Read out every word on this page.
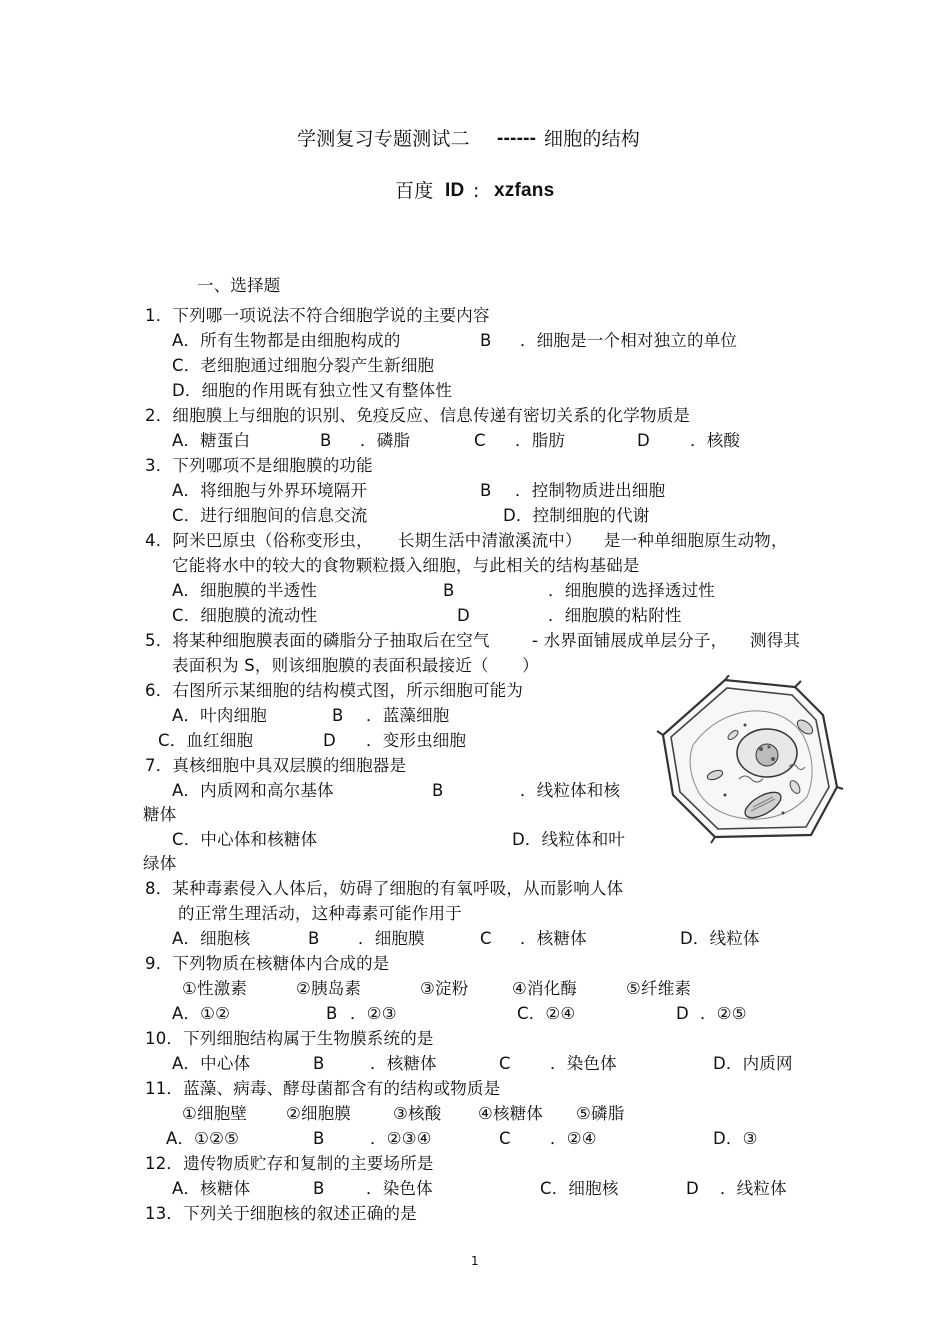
学测复习专题测试二 ------ 细胞的结构
百度 ID : xzfans
一、选择题
1．下列哪一项说法不符合细胞学说的主要内容
A．所有生物都是由细胞构成的	B ．细胞是一个相对独立的单位
C．老细胞通过细胞分裂产生新细胞
D．细胞的作用既有独立性又有整体性
2．细胞膜上与细胞的识别、免疫反应、信息传递有密切关系的化学物质是
A．糖蛋白	B ．磷脂	C ．脂肪	D ．核酸
3．下列哪项不是细胞膜的功能
A．将细胞与外界环境隔开	B ．控制物质进出细胞
C．进行细胞间的信息交流	D．控制细胞的代谢
4．阿米巴原虫（俗称变形虫， 长期生活中清澈溪流中） 是一种单细胞原生动物，
它能将水中的较大的食物颗粒摄入细胞，与此相关的结构基础是
A．细胞膜的半透性	B	．细胞膜的选择透过性
C．细胞膜的流动性	D	．细胞膜的粘附性
5．将某种细胞膜表面的磷脂分子抽取后在空气	- 水界面铺展成单层分子， 测得其
表面积为 S，则该细胞膜的表面积最接近（　　）
6．右图所示某细胞的结构模式图，所示细胞可能为
A．叶肉细胞	B ．蓝藻细胞
C．血红细胞	D ．变形虫细胞
7．真核细胞中具双层膜的细胞器是
A．内质网和高尔基体	B	．线粒体和核
糖体
C．中心体和核糖体	D．线粒体和叶
绿体
8．某种毒素侵入人体后，妨碍了细胞的有氧呼吸，从而影响人体
的正常生理活动，这种毒素可能作用于
A．细胞核	B ．细胞膜	C ．核糖体	D．线粒体
9．下列物质在核糖体内合成的是
①性激素	②胰岛素	③淀粉	④消化酶	⑤纤维素
A．①②	B ．②③	C．②④	D ．②⑤
10．下列细胞结构属于生物膜系统的是
A．中心体	B	．核糖体	C ．染色体	D．内质网
11．蓝藻、病毒、酵母菌都含有的结构或物质是
①细胞壁 ②细胞膜	③核酸 ④核糖体 ⑤磷脂
A．①②⑤	B	．②③④	C ．②④	D．③
12．遗传物质贮存和复制的主要场所是
A．核糖体	B	．染色体	C．细胞核	D ．线粒体
13．下列关于细胞核的叙述正确的是
1
